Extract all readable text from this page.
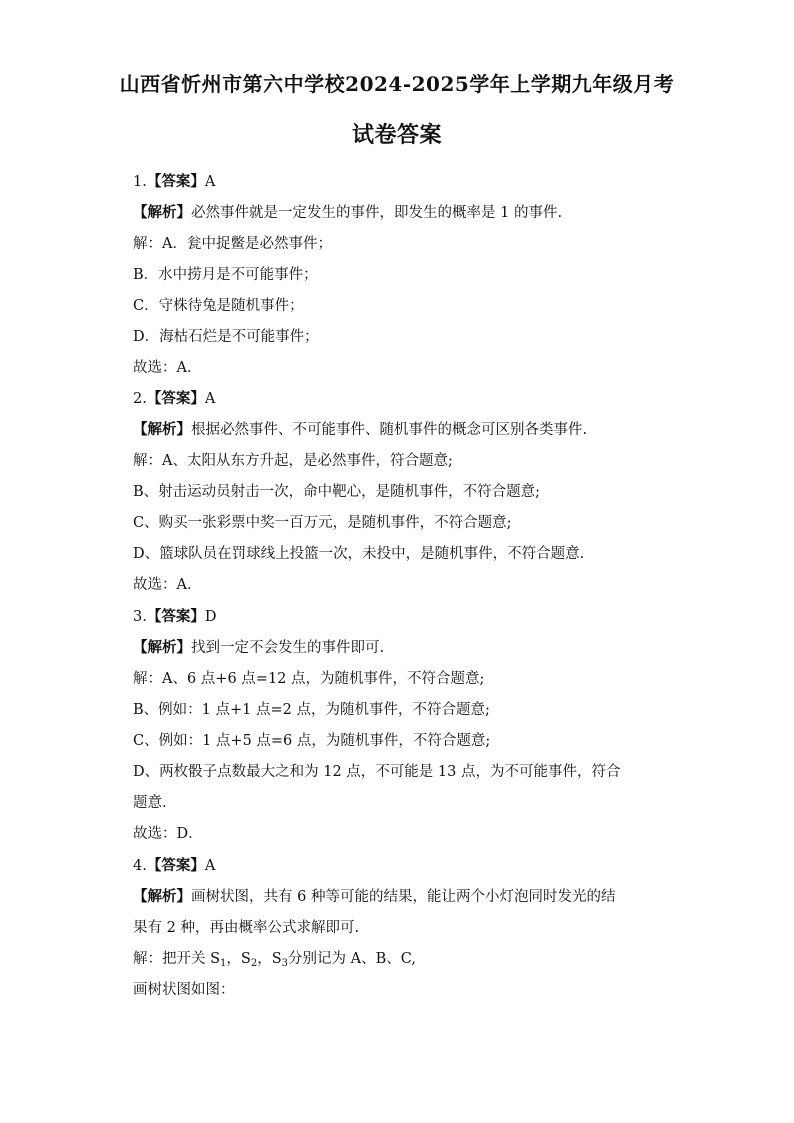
山西省忻州市第六中学校2024-2025学年上学期九年级月考
试卷答案
1.【答案】A
【解析】必然事件就是一定发生的事件，即发生的概率是 1 的事件.
解：A．瓮中捉鳖是必然事件；
B．水中捞月是不可能事件；
C．守株待兔是随机事件；
D．海枯石烂是不可能事件；
故选：A．
2.【答案】A
【解析】根据必然事件、不可能事件、随机事件的概念可区别各类事件.
解：A、太阳从东方升起，是必然事件，符合题意;
B、射击运动员射击一次，命中靶心，是随机事件，不符合题意;
C、购买一张彩票中奖一百万元，是随机事件，不符合题意;
D、篮球队员在罚球线上投篮一次，未投中，是随机事件，不符合题意.
故选：A．
3.【答案】D
【解析】找到一定不会发生的事件即可.
解：A、6 点+6 点=12 点，为随机事件，不符合题意;
B、例如：1 点+1 点=2 点，为随机事件，不符合题意;
C、例如：1 点+5 点=6 点，为随机事件，不符合题意;
D、两枚骰子点数最大之和为 12 点，不可能是 13 点，为不可能事件，符合
题意.
故选：D．
4.【答案】A
【解析】画树状图，共有 6 种等可能的结果，能让两个小灯泡同时发光的结
果有 2 种，再由概率公式求解即可.
解：把开关 $S_1$，$S_2$，$S_3$分别记为 A、B、C,
画树状图如图：
